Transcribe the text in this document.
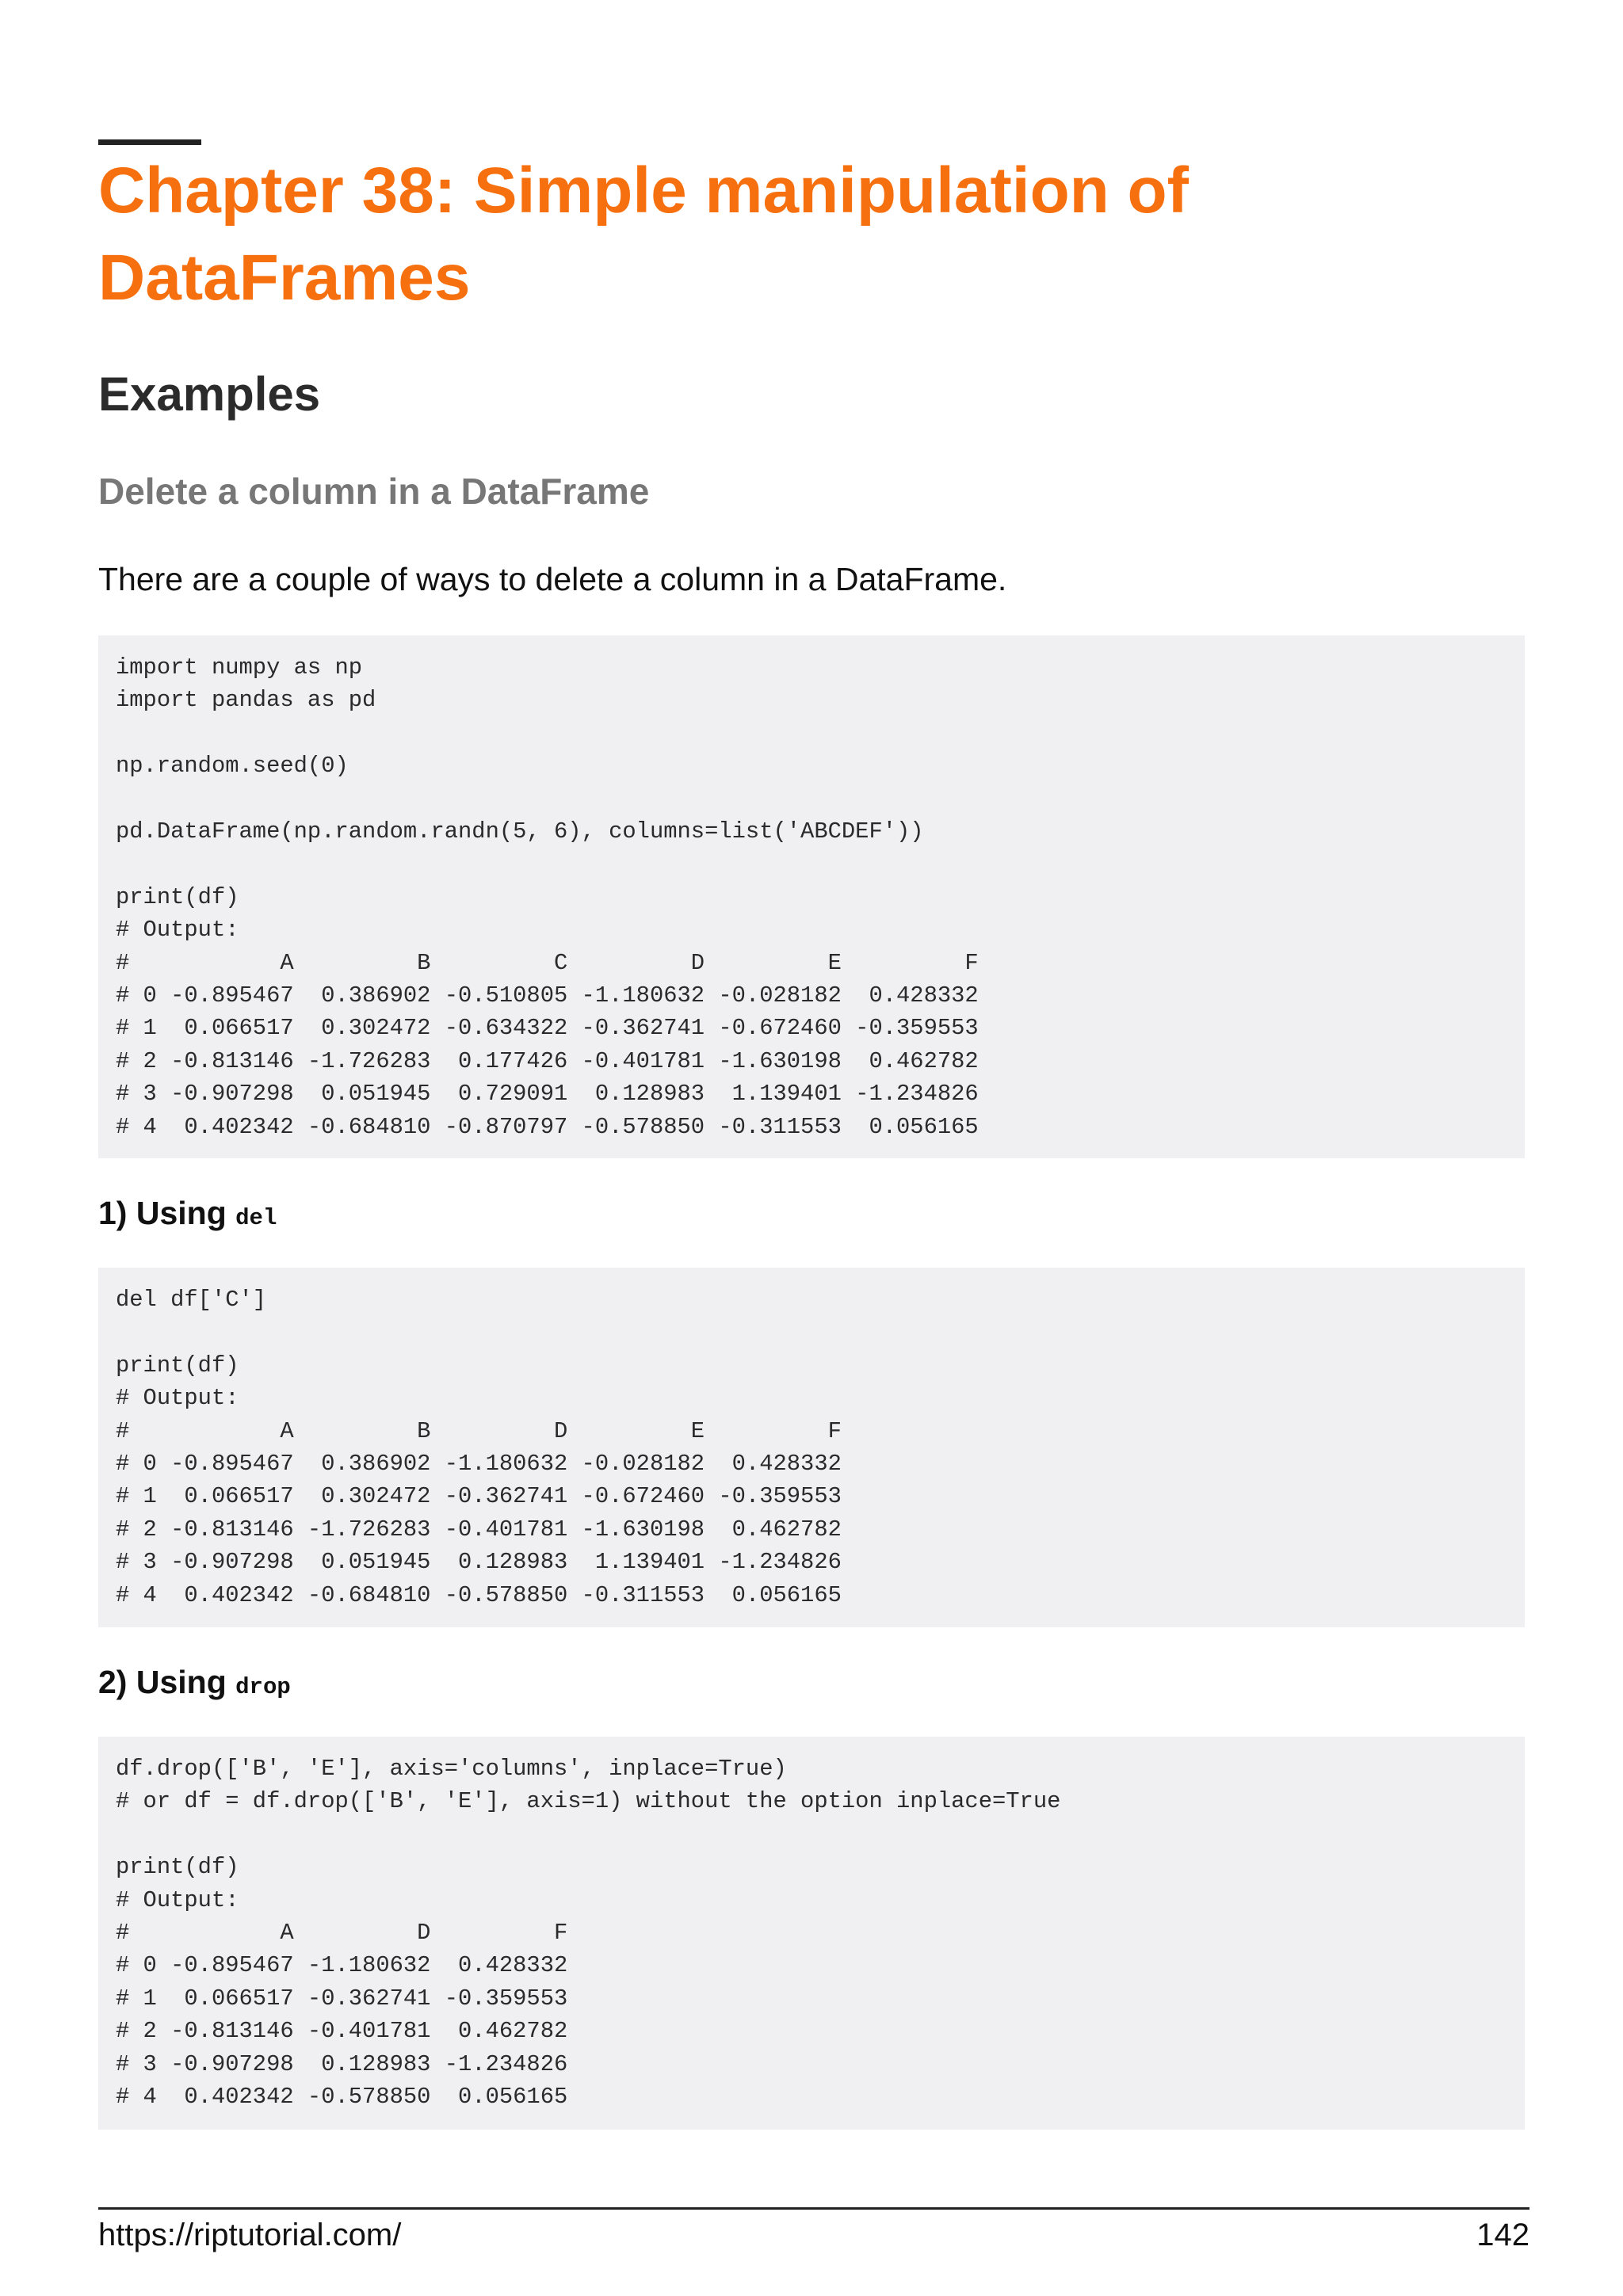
Chapter 38: Simple manipulation of DataFrames
Examples
Delete a column in a DataFrame

There are a couple of ways to delete a column in a DataFrame.

import numpy as np
import pandas as pd

np.random.seed(0)

pd.DataFrame(np.random.randn(5, 6), columns=list('ABCDEF'))

print(df)
# Output:
#           A         B         C         D         E         F
# 0 -0.895467  0.386902 -0.510805 -1.180632 -0.028182  0.428332
# 1  0.066517  0.302472 -0.634322 -0.362741 -0.672460 -0.359553
# 2 -0.813146 -1.726283  0.177426 -0.401781 -1.630198  0.462782
# 3 -0.907298  0.051945  0.729091  0.128983  1.139401 -1.234826
# 4  0.402342 -0.684810 -0.870797 -0.578850 -0.311553  0.056165
1) Using del
del df['C']

print(df)
# Output:
#           A         B         D         E         F
# 0 -0.895467  0.386902 -1.180632 -0.028182  0.428332
# 1  0.066517  0.302472 -0.362741 -0.672460 -0.359553
# 2 -0.813146 -1.726283 -0.401781 -1.630198  0.462782
# 3 -0.907298  0.051945  0.128983  1.139401 -1.234826
# 4  0.402342 -0.684810 -0.578850 -0.311553  0.056165
2) Using drop
df.drop(['B', 'E'], axis='columns', inplace=True)
# or df = df.drop(['B', 'E'], axis=1) without the option inplace=True

print(df)
# Output:
#           A         D         F
# 0 -0.895467 -1.180632  0.428332
# 1  0.066517 -0.362741 -0.359553
# 2 -0.813146 -0.401781  0.462782
# 3 -0.907298  0.128983 -1.234826
# 4  0.402342 -0.578850  0.056165
https://riptutorial.com/	142
